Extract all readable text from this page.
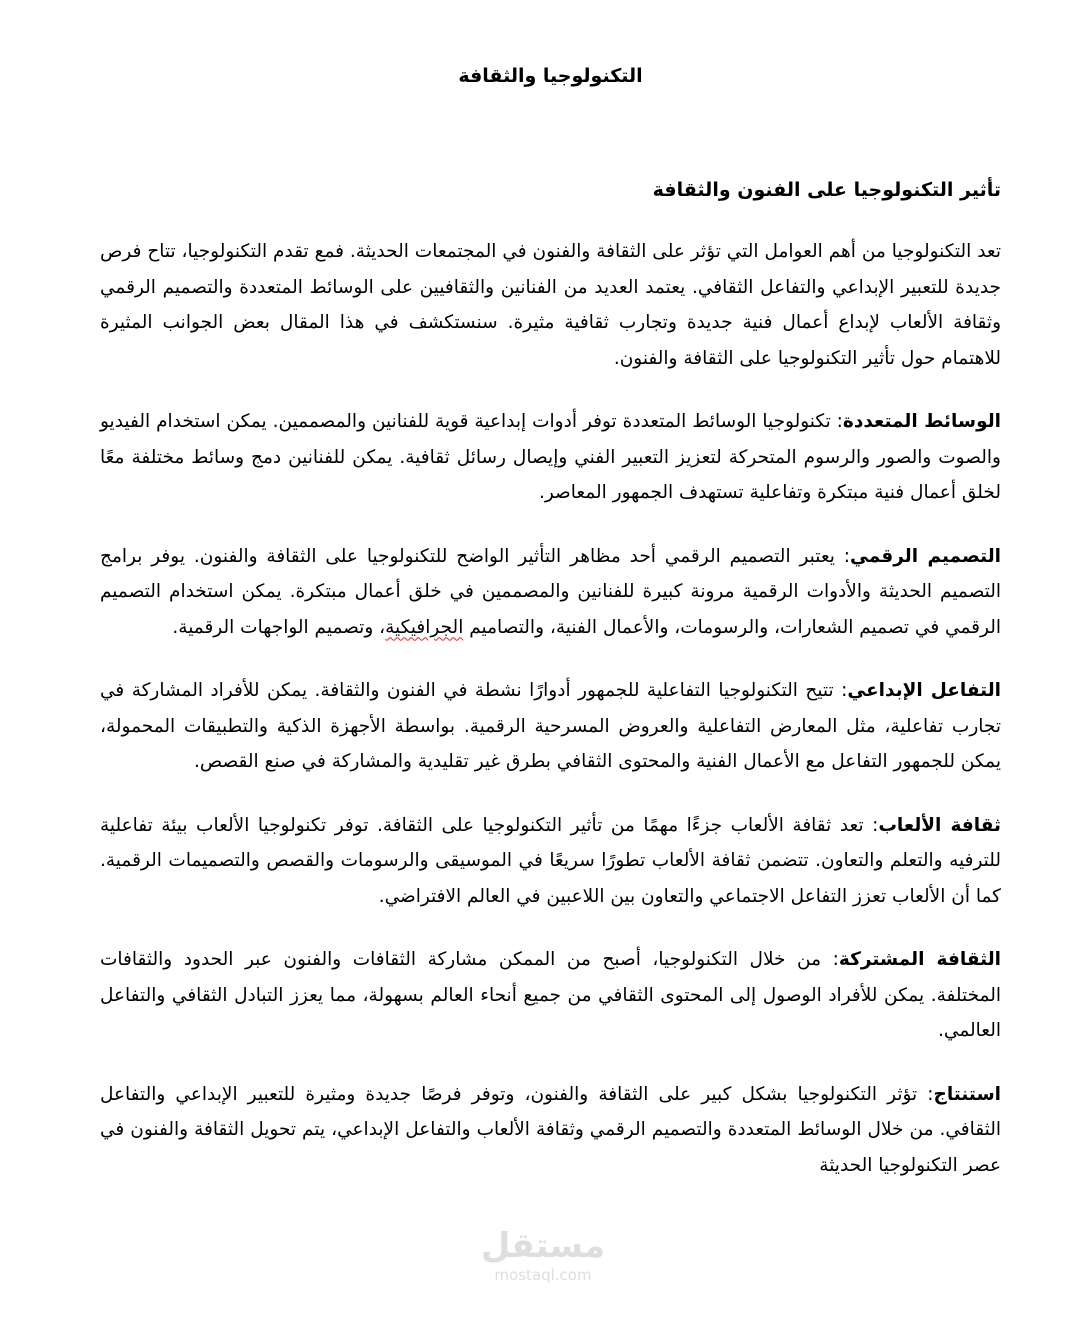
التكنولوجيا والثقافة
تأثير التكنولوجيا على الفنون والثقافة

تعد التكنولوجيا من أهم العوامل التي تؤثر على الثقافة والفنون في المجتمعات الحديثة. فمع تقدم التكنولوجيا، تتاح فرص جديدة للتعبير الإبداعي والتفاعل الثقافي. يعتمد العديد من الفنانين والثقافيين على الوسائط المتعددة والتصميم الرقمي وثقافة الألعاب لإبداع أعمال فنية جديدة وتجارب ثقافية مثيرة. سنستكشف في هذا المقال بعض الجوانب المثيرة للاهتمام حول تأثير التكنولوجيا على الثقافة والفنون.

الوسائط المتعددة: تكنولوجيا الوسائط المتعددة توفر أدوات إبداعية قوية للفنانين والمصممين. يمكن استخدام الفيديو والصوت والصور والرسوم المتحركة لتعزيز التعبير الفني وإيصال رسائل ثقافية. يمكن للفنانين دمج وسائط مختلفة معًا لخلق أعمال فنية مبتكرة وتفاعلية تستهدف الجمهور المعاصر.

التصميم الرقمي: يعتبر التصميم الرقمي أحد مظاهر التأثير الواضح للتكنولوجيا على الثقافة والفنون. يوفر برامج التصميم الحديثة والأدوات الرقمية مرونة كبيرة للفنانين والمصممين في خلق أعمال مبتكرة. يمكن استخدام التصميم الرقمي في تصميم الشعارات، والرسومات، والأعمال الفنية، والتصاميم الجرافيكية، وتصميم الواجهات الرقمية.

التفاعل الإبداعي: تتيح التكنولوجيا التفاعلية للجمهور أدوارًا نشطة في الفنون والثقافة. يمكن للأفراد المشاركة في تجارب تفاعلية، مثل المعارض التفاعلية والعروض المسرحية الرقمية. بواسطة الأجهزة الذكية والتطبيقات المحمولة، يمكن للجمهور التفاعل مع الأعمال الفنية والمحتوى الثقافي بطرق غير تقليدية والمشاركة في صنع القصص.

ثقافة الألعاب: تعد ثقافة الألعاب جزءًا مهمًا من تأثير التكنولوجيا على الثقافة. توفر تكنولوجيا الألعاب بيئة تفاعلية للترفيه والتعلم والتعاون. تتضمن ثقافة الألعاب تطورًا سريعًا في الموسيقى والرسومات والقصص والتصميمات الرقمية. كما أن الألعاب تعزز التفاعل الاجتماعي والتعاون بين اللاعبين في العالم الافتراضي.

الثقافة المشتركة: من خلال التكنولوجيا، أصبح من الممكن مشاركة الثقافات والفنون عبر الحدود والثقافات المختلفة. يمكن للأفراد الوصول إلى المحتوى الثقافي من جميع أنحاء العالم بسهولة، مما يعزز التبادل الثقافي والتفاعل العالمي.

استنتاج: تؤثر التكنولوجيا بشكل كبير على الثقافة والفنون، وتوفر فرصًا جديدة ومثيرة للتعبير الإبداعي والتفاعل الثقافي. من خلال الوسائط المتعددة والتصميم الرقمي وثقافة الألعاب والتفاعل الإبداعي، يتم تحويل الثقافة والفنون في عصر التكنولوجيا الحديثة

مستقل
mostaql.com
